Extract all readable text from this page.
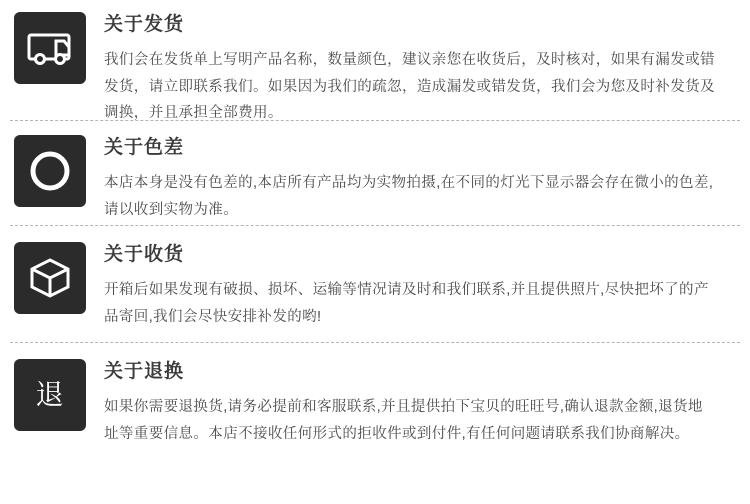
关于发货

我们会在发货单上写明产品名称，数量颜色，建议亲您在收货后，及时核对，如果有漏发或错发货，请立即联系我们。如果因为我们的疏忽，造成漏发或错发货，我们会为您及时补发货及调换，并且承担全部费用。

关于色差

本店本身是没有色差的,本店所有产品均为实物拍摄,在不同的灯光下显示器会存在微小的色差,请以收到实物为准。

关于收货

开箱后如果发现有破损、损坏、运输等情况请及时和我们联系,并且提供照片,尽快把坏了的产品寄回,我们会尽快安排补发的哟!

退
关于退换

如果你需要退换货,请务必提前和客服联系,并且提供拍下宝贝的旺旺号,确认退款金额,退货地址等重要信息。本店不接收任何形式的拒收件或到付件,有任何问题请联系我们协商解决。
